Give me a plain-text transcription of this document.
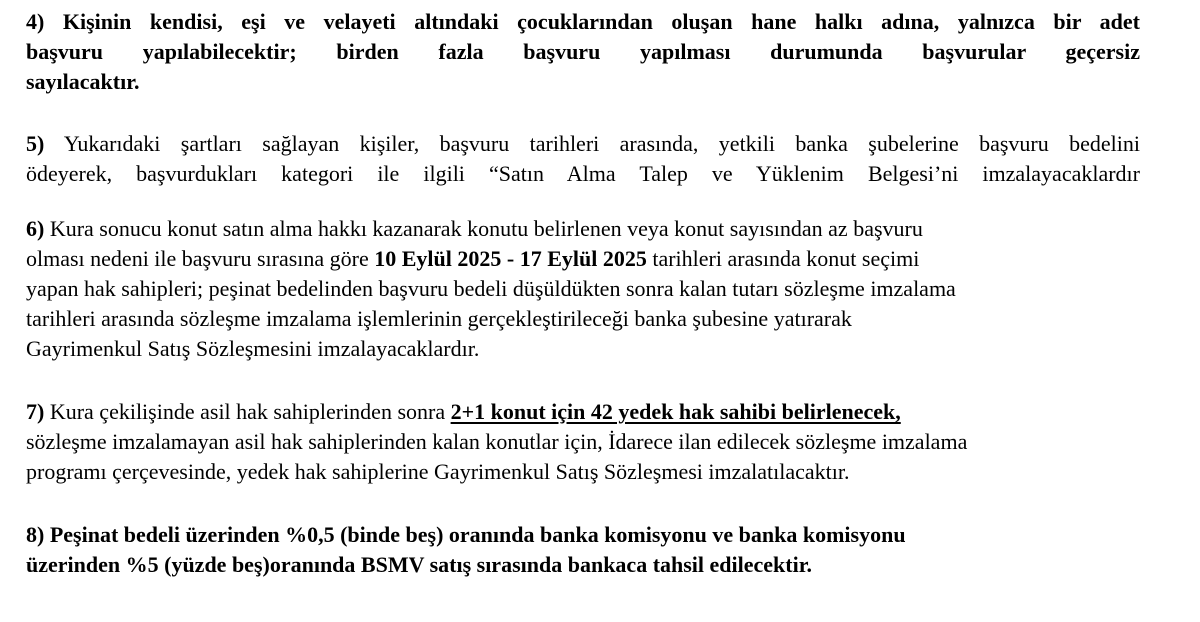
4) Kişinin kendisi, eşi ve velayeti altındaki çocuklarından oluşan hane halkı adına, yalnızca bir adet
başvuru yapılabilecektir; birden fazla başvuru yapılması durumunda başvurular geçersiz
sayılacaktır.

5) Yukarıdaki şartları sağlayan kişiler, başvuru tarihleri arasında, yetkili banka şubelerine başvuru bedelini
ödeyerek, başvurdukları kategori ile ilgili “Satın Alma Talep ve Yüklenim Belgesi’ni imzalayacaklardır

6) Kura sonucu konut satın alma hakkı kazanarak konutu belirlenen veya konut sayısından az başvuru
olması nedeni ile başvuru sırasına göre 10 Eylül 2025 - 17 Eylül 2025 tarihleri arasında konut seçimi
yapan hak sahipleri; peşinat bedelinden başvuru bedeli düşüldükten sonra kalan tutarı sözleşme imzalama
tarihleri arasında sözleşme imzalama işlemlerinin gerçekleştirileceği banka şubesine yatırarak
Gayrimenkul Satış Sözleşmesini imzalayacaklardır.

7) Kura çekilişinde asil hak sahiplerinden sonra 2+1 konut için 42 yedek hak sahibi belirlenecek,
sözleşme imzalamayan asil hak sahiplerinden kalan konutlar için, İdarece ilan edilecek sözleşme imzalama
programı çerçevesinde, yedek hak sahiplerine Gayrimenkul Satış Sözleşmesi imzalatılacaktır.

8) Peşinat bedeli üzerinden %0,5 (binde beş) oranında banka komisyonu ve banka komisyonu
üzerinden %5 (yüzde beş)oranında BSMV satış sırasında bankaca tahsil edilecektir.
